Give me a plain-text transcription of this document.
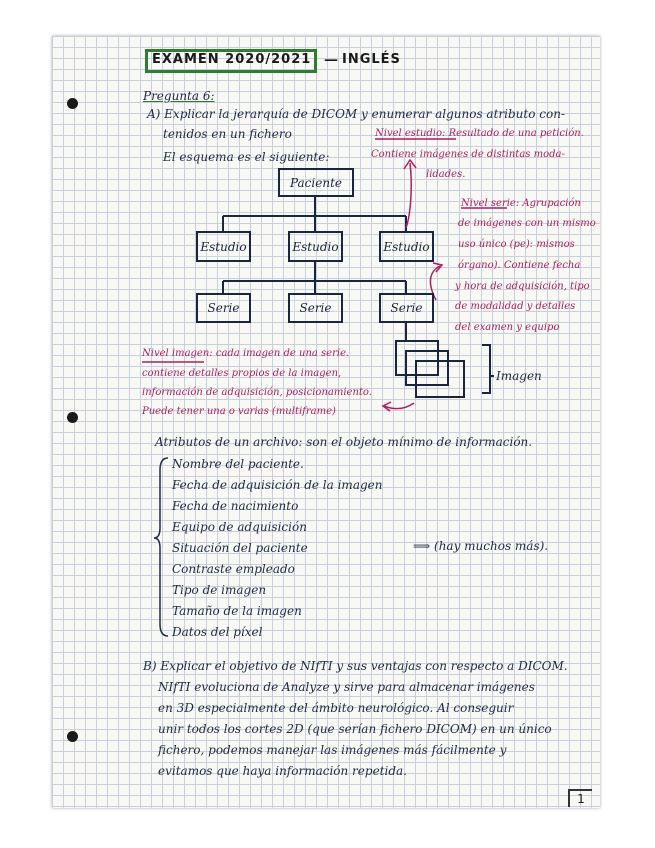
EXAMEN 2020/2021 — INGLÉS
Pregunta 6:
A) Explicar la jerarquía de DICOM y enumerar algunos atributo con-
tenidos en un fichero
El esquema es el siguiente:
Nivel estudio: Resultado de una petición.
Contiene imágenes de distintas moda-
lidades.
Nivel serie: Agrupación
de imágenes con un mismo
uso único (pe): mismos
órgano). Contiene fecha
y hora de adquisición, tipo
de modalidad y detalles
del examen y equipo
Imagen
Paciente
Estudio	Estudio	Estudio
Serie	Serie	Serie
Nivel imagen: cada imagen de una serie.
contiene detalles propios de la imagen,
información de adquisición, posicionamiento.
Puede tener una o varias (multiframe)
Atributos de un archivo: son el objeto mínimo de información.
Nombre del paciente.
Fecha de adquisición de la imagen
Fecha de nacimiento
Equipo de adquisición
Situación del paciente
Contraste empleado
Tipo de imagen
Tamaño de la imagen
Datos del píxel
⟹ (hay muchos más).
B) Explicar el objetivo de NIfTI y sus ventajas con respecto a DICOM.
NIfTI evoluciona de Analyze y sirve para almacenar imágenes
en 3D especialmente del ámbito neurológico. Al conseguir
unir todos los cortes 2D (que serían fichero DICOM) en un único
fichero, podemos manejar las imágenes más fácilmente y
evitamos que haya información repetida.
1
